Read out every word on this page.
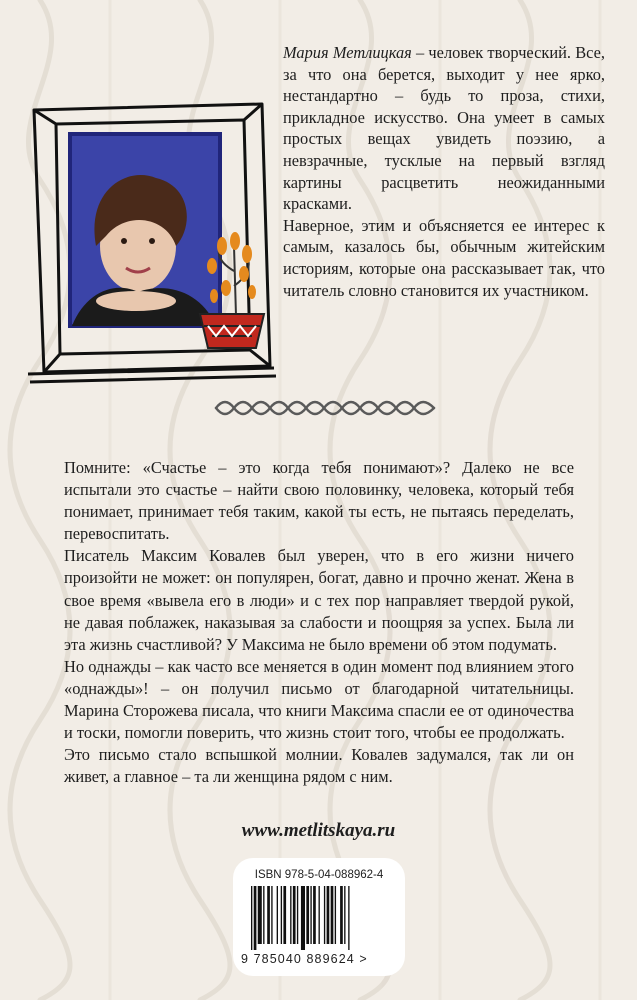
Мария Метлицкая – человек творческий. Все, за что она берется, выходит у нее ярко, нестандартно – будь то проза, стихи, прикладное искусство. Она умеет в самых простых вещах увидеть поэзию, а невзрачные, тусклые на первый взгляд картины расцветить неожиданными красками.

Наверное, этим и объясняется ее интерес к самым, казалось бы, обычным житейским историям, которые она рассказывает так, что читатель словно становится их участником.

Помните: «Счастье – это когда тебя понимают»? Далеко не все испытали это счастье – найти свою половинку, человека, который тебя понимает, принимает тебя таким, какой ты есть, не пытаясь переделать, перевоспитать.

Писатель Максим Ковалев был уверен, что в его жизни ничего произойти не может: он популярен, богат, давно и прочно женат. Жена в свое время «вывела его в люди» и с тех пор направляет твердой рукой, не давая поблажек, наказывая за слабости и поощряя за успех. Была ли эта жизнь счастливой? У Максима не было времени об этом подумать.

Но однажды – как часто все меняется в один момент под влиянием этого «однажды»! – он получил письмо от благодарной читательницы. Марина Сторожева писала, что книги Максима спасли ее от одиночества и тоски, помогли поверить, что жизнь стоит того, чтобы ее продолжать.

Это письмо стало вспышкой молнии. Ковалев задумался, так ли он живет, а главное – та ли женщина рядом с ним.

www.metlitskaya.ru
ISBN 978-5-04-088962-4
9 785040 889624 >
